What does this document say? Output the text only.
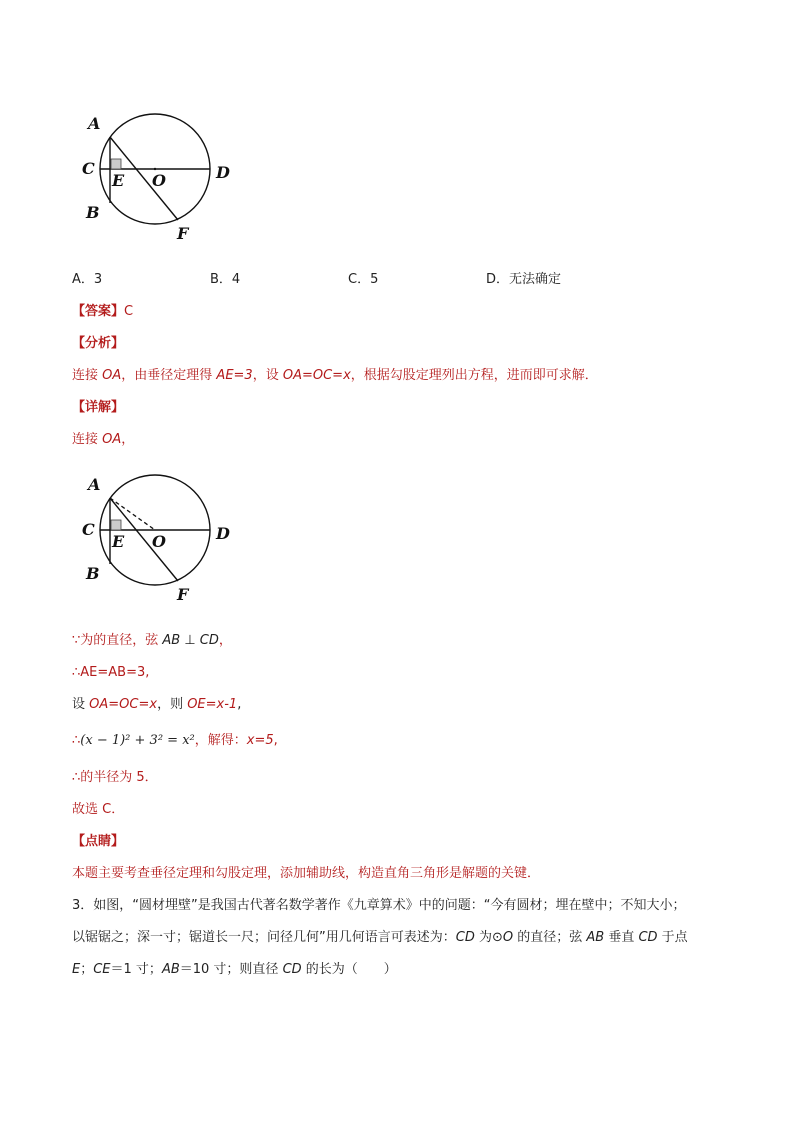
A
C
E O	D
B
F
A．3	B．4	C．5	D．无法确定
【答案】C
【分析】
连接 OA，由垂径定理得 AE=3，设 OA=OC=x，根据勾股定理列出方程，进而即可求解．
【详解】
连接 OA，
A
C
E O	D
B
F
∵为的直径，弦 AB ⊥ CD，
∴AE=AB=3,
设 OA=OC=x，则 OE=x-1,
∴(x − 1)² + 3² = x²，解得：x=5,
∴的半径为 5．
故选 C．
【点睛】
本题主要考查垂径定理和勾股定理，添加辅助线，构造直角三角形是解题的关键．
3．如图，“圆材埋壁”是我国古代著名数学著作《九章算术》中的问题：“今有圆材；埋在壁中；不知大小；
以锯锯之；深一寸；锯道长一尺；问径几何”用几何语言可表述为：CD 为⊙O 的直径；弦 AB 垂直 CD 于点
E；CE＝1 寸；AB＝10 寸；则直径 CD 的长为（　　）
